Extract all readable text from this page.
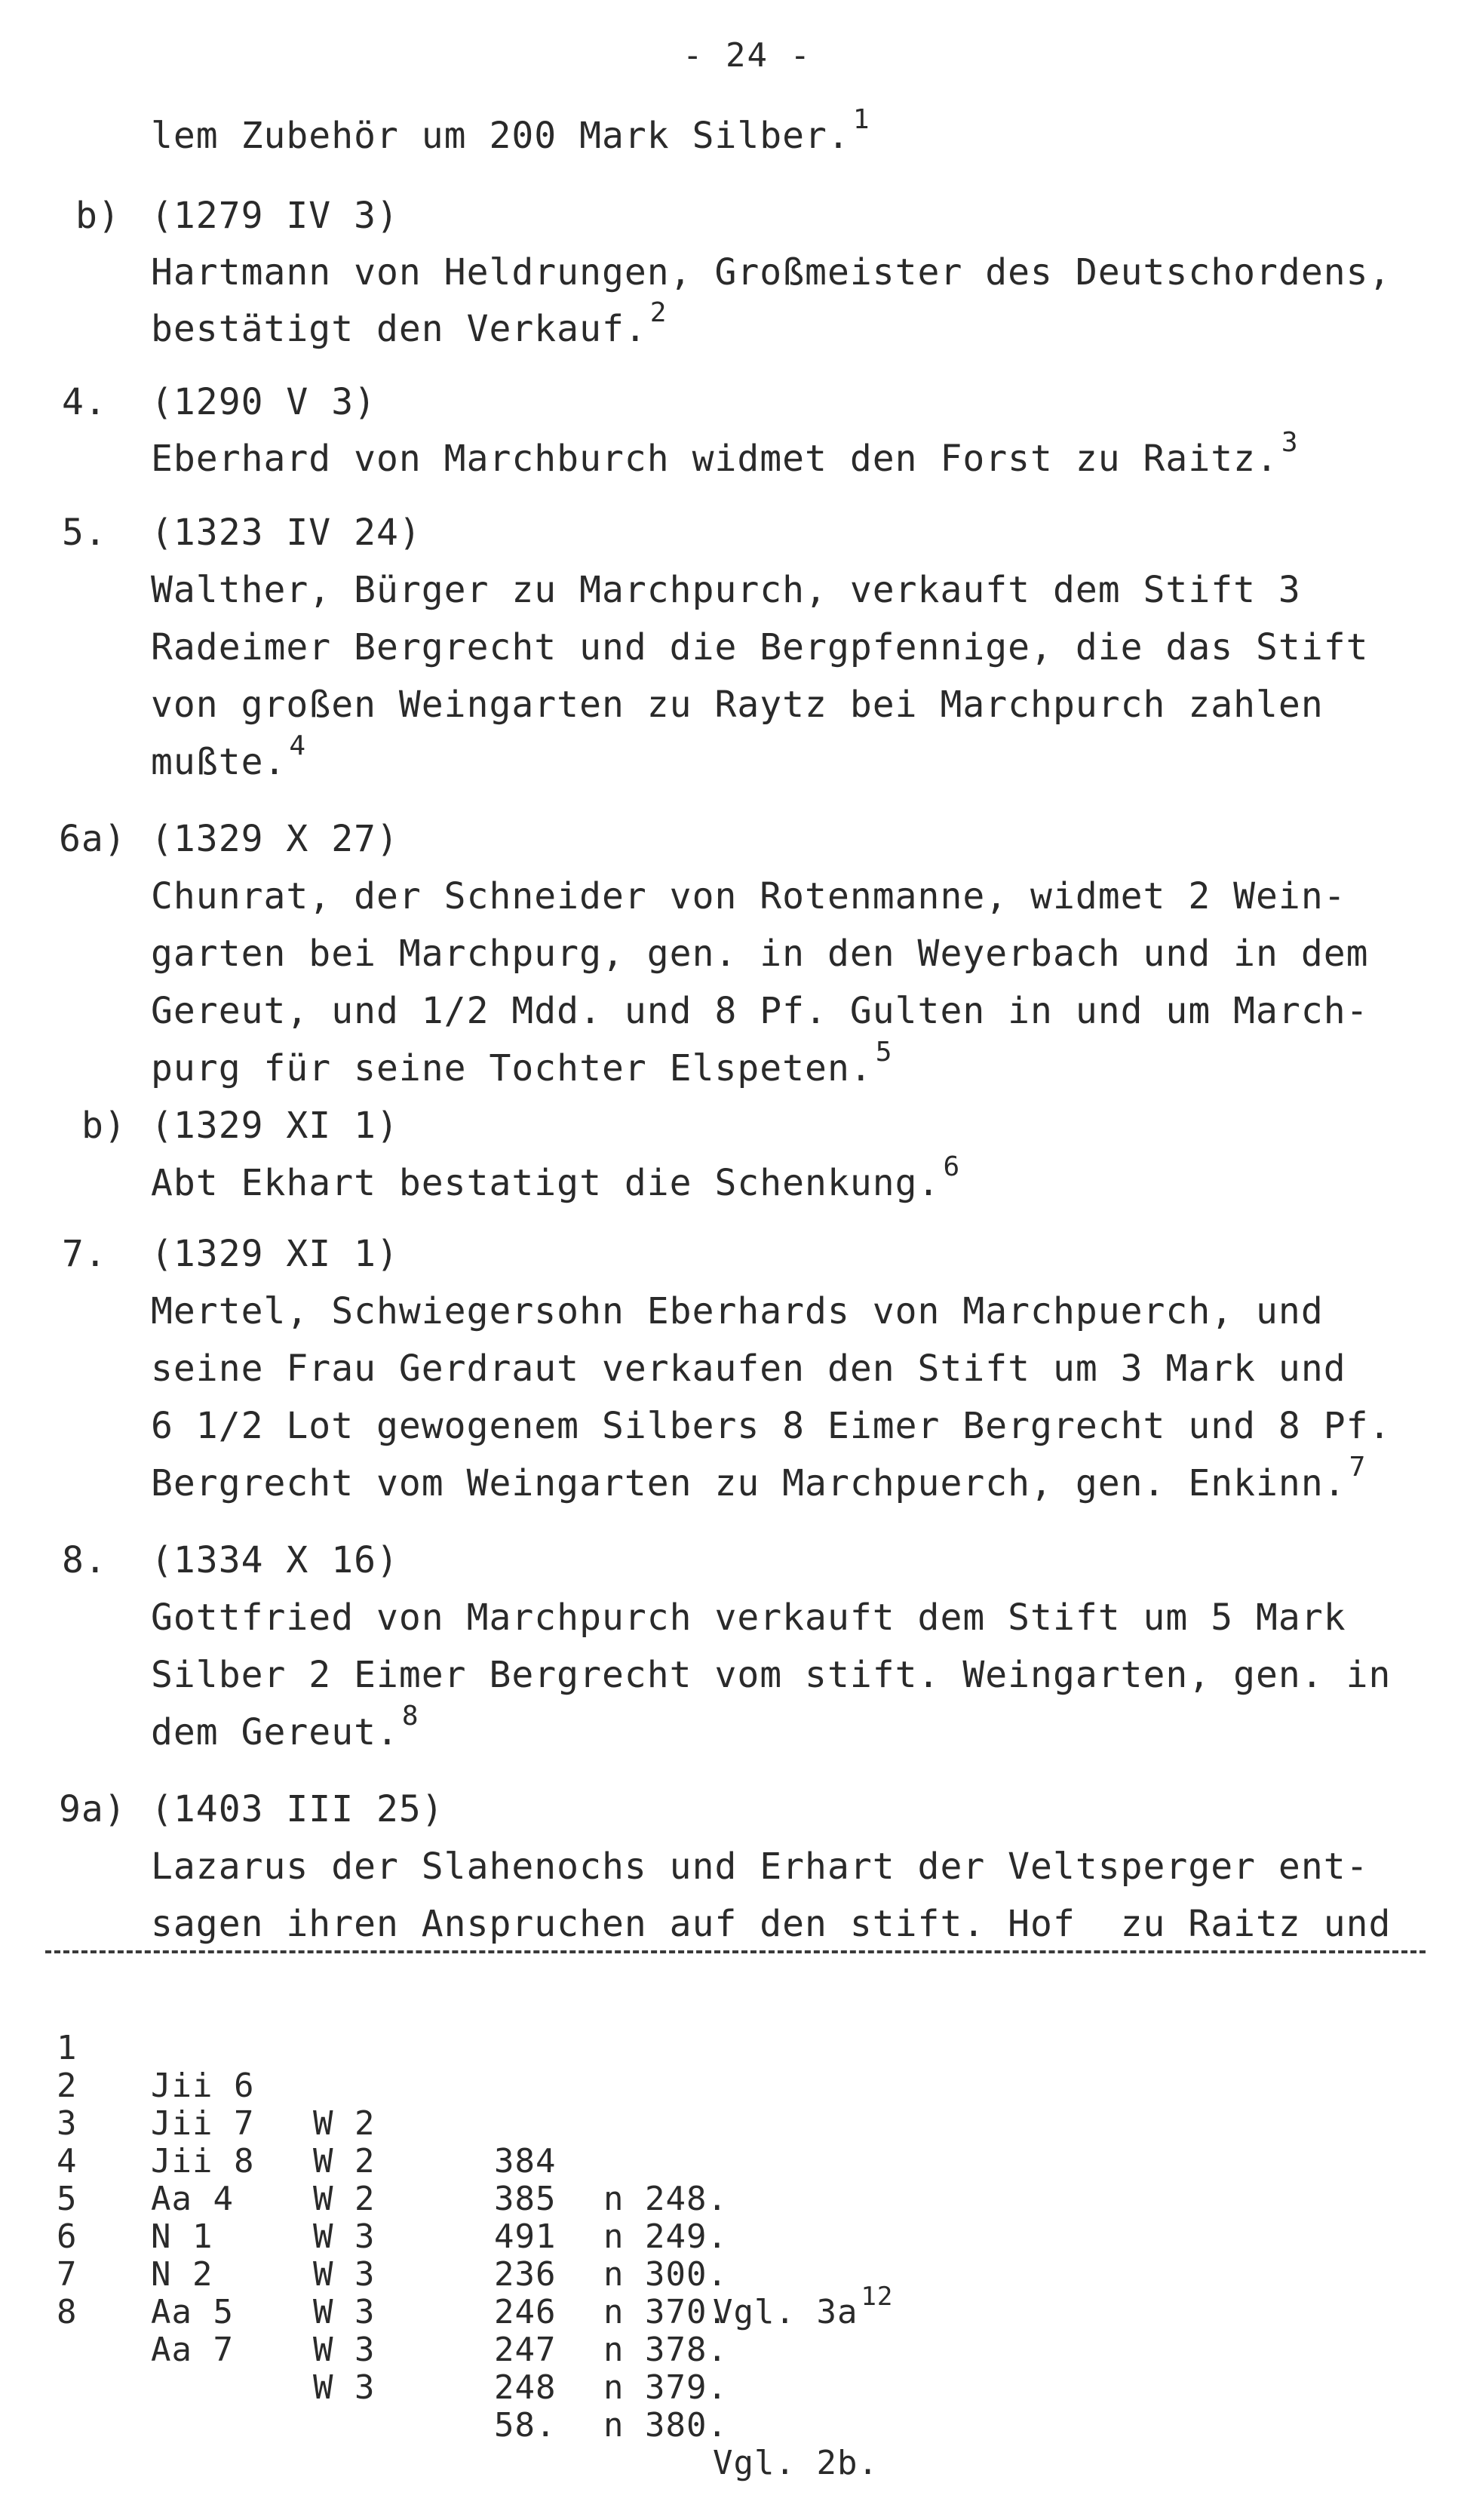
- 24 -
lem Zubehör um 200 Mark Silber. $^1$
b) (1279 IV 3)
Hartmann von Heldrungen, Großmeister des Deutschordens,
bestätigt den Verkauf. $^2$
4. (1290 V 3)
Eberhard von Marchburch widmet den Forst zu Raitz. $^3$
5. (1323 IV 24)
Walther, Bürger zu Marchpurch, verkauft dem Stift 3
Radeimer Bergrecht und die Bergpfennige, die das Stift
von großen Weingarten zu Raytz bei Marchpurch zahlen
mußte. $^4$
6a) (1329 X 27)
Chunrat, der Schneider von Rotenmanne, widmet 2 Wein-
garten bei Marchpurg, gen. in den Weyerbach und in dem
Gereut, und 1/2 Mdd. und 8 Pf. Gulten in und um March-
purg für seine Tochter Elspeten. $^5$
b) (1329 XI 1)
Abt Ekhart bestatigt die Schenkung. $^6$
7. (1329 XI 1)
Mertel, Schwiegersohn Eberhards von Marchpuerch, und
seine Frau Gerdraut verkaufen den Stift um 3 Mark und
6 1/2 Lot gewogenem Silbers 8 Eimer Bergrecht und 8 Pf.
Bergrecht vom Weingarten zu Marchpuerch, gen. Enkinn. $^7$
8. (1334 X 16)
Gottfried von Marchpurch verkauft dem Stift um 5 Mark
Silber 2 Eimer Bergrecht vom stift. Weingarten, gen. in
dem Gereut. $^8$
9a) (1403 III 25)
Lazarus der Slahenochs und Erhart der Veltsperger ent-
sagen ihren Anspruchen auf den stift. Hof  zu Raitz und

1

Jii 6

W 2

384

n 248.

2

Jii 7

W 2

385

n 249.

3

Jii 8

W 2

491

n 300.

Vgl. 3a $^{12}$

4

Aa 4

W 3

236

n 370.

5

N 1

W 3

246

n 378.

6

N 2

W 3

247

n 379.

7

Aa 5

W 3

248

n 380.

Vgl. 2b.

8

Aa 7

W 3

58.
